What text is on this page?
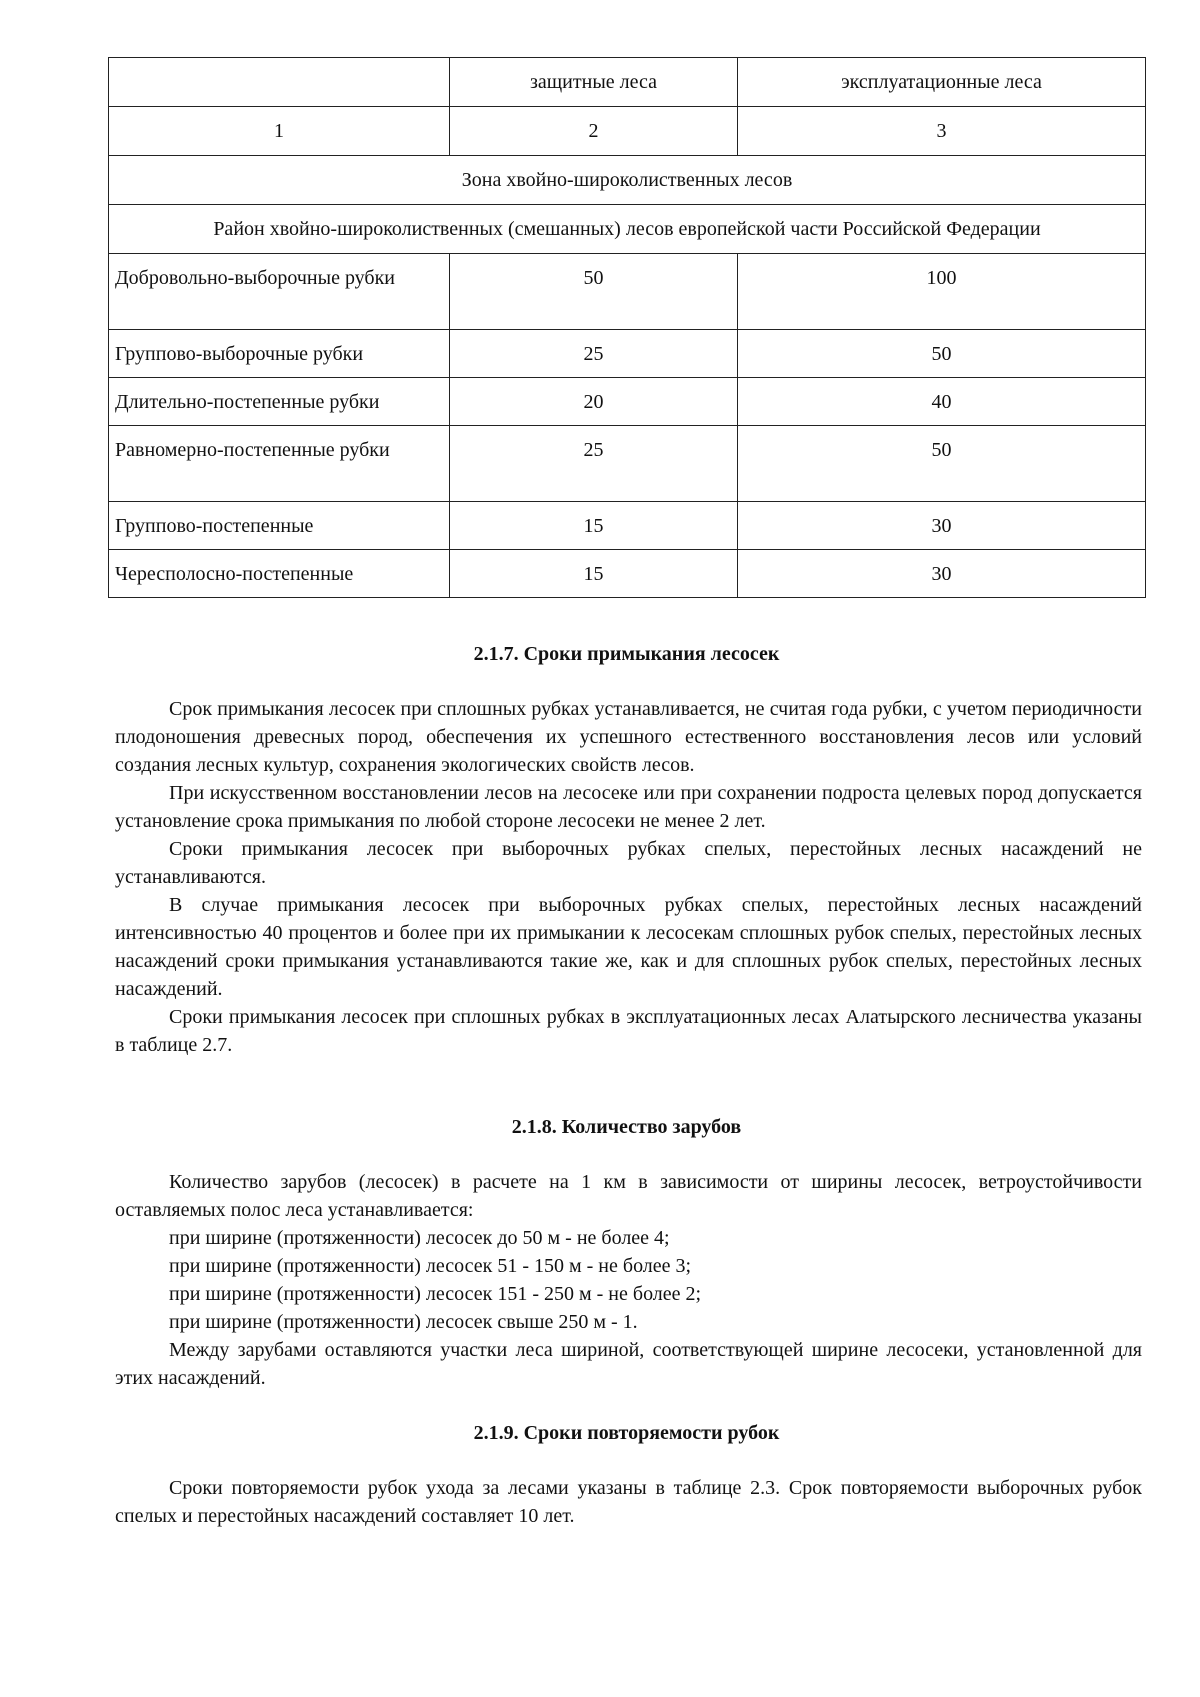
	защитные леса	эксплуатационные леса
1	2	3
Зона хвойно-широколиственных лесов		
Район хвойно-широколиственных (смешанных) лесов европейской части Российской Федерации		
Добровольно-выборочные рубки	50	100
Группово-выборочные рубки	25	50
Длительно-постепенные рубки	20	40
Равномерно-постепенные рубки	25	50
Группово-постепенные	15	30
Чересполосно-постепенные	15	30
2.1.7. Сроки примыкания лесосек

Срок примыкания лесосек при сплошных рубках устанавливается, не считая года рубки, с учетом периодичности плодоношения древесных пород, обеспечения их успешного естественного восстановления лесов или условий создания лесных культур, сохранения экологических свойств лесов.

При искусственном восстановлении лесов на лесосеке или при сохранении подроста целевых пород допускается установление срока примыкания по любой стороне лесосеки не менее 2 лет.

Сроки примыкания лесосек при выборочных рубках спелых, перестойных лесных насаждений не устанавливаются.

В случае примыкания лесосек при выборочных рубках спелых, перестойных лесных насаждений интенсивностью 40 процентов и более при их примыкании к лесосекам сплошных рубок спелых, перестойных лесных насаждений сроки примыкания устанавливаются такие же, как и для сплошных рубок спелых, перестойных лесных насаждений.

Сроки примыкания лесосек при сплошных рубках в эксплуатационных лесах Алатырского лесничества указаны в таблице 2.7.

2.1.8. Количество зарубов

Количество зарубов (лесосек) в расчете на 1 км в зависимости от ширины лесосек, ветроустойчивости оставляемых полос леса устанавливается:

при ширине (протяженности) лесосек до 50 м - не более 4;

при ширине (протяженности) лесосек 51 - 150 м - не более 3;

при ширине (протяженности) лесосек 151 - 250 м - не более 2;

при ширине (протяженности) лесосек свыше 250 м - 1.

Между зарубами оставляются участки леса шириной, соответствующей ширине лесосеки, установленной для этих насаждений.

2.1.9. Сроки повторяемости рубок

Сроки повторяемости рубок ухода за лесами указаны в таблице 2.3. Срок повторяемости выборочных рубок спелых и перестойных насаждений составляет 10 лет.
